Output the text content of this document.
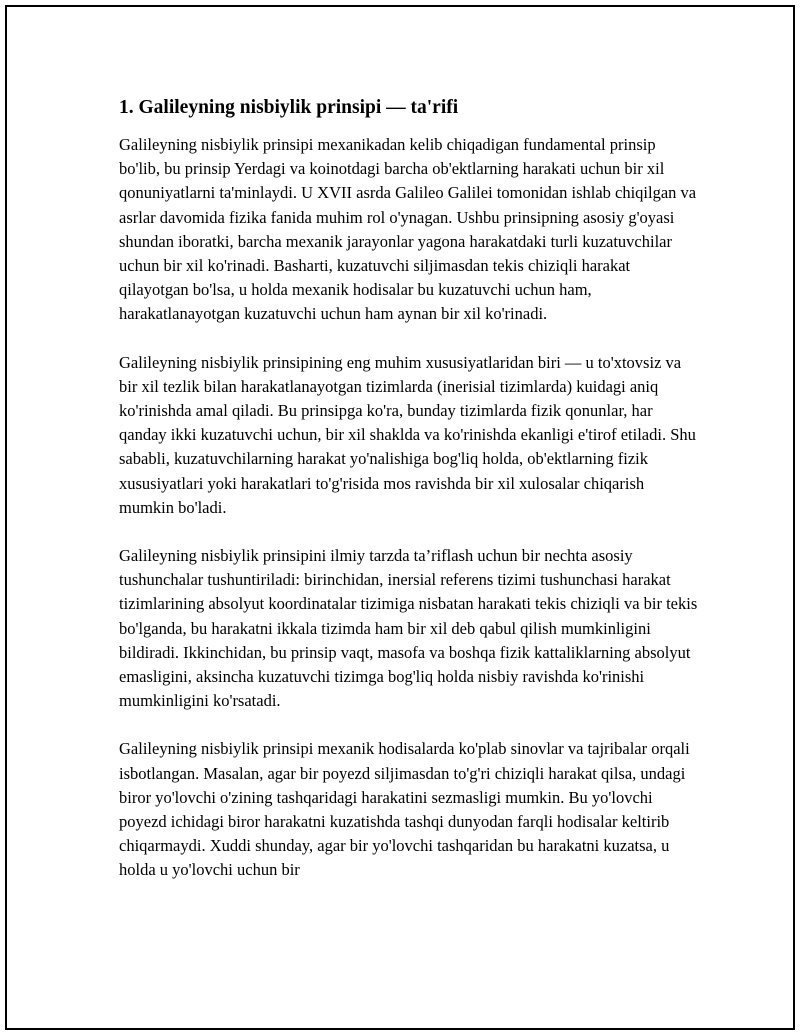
1. Galileyning nisbiylik prinsipi — ta'rifi

Galileyning nisbiylik prinsipi mexanikadan kelib chiqadigan fundamental prinsip bo'lib, bu prinsip Yerdagi va koinotdagi barcha ob'ektlarning harakati uchun bir xil qonuniyatlarni ta'minlaydi. U XVII asrda Galileo Galilei tomonidan ishlab chiqilgan va asrlar davomida fizika fanida muhim rol o'ynagan. Ushbu prinsipning asosiy g'oyasi shundan iboratki, barcha mexanik jarayonlar yagona harakatdaki turli kuzatuvchilar uchun bir xil ko'rinadi. Basharti, kuzatuvchi siljimasdan tekis chiziqli harakat qilayotgan bo'lsa, u holda mexanik hodisalar bu kuzatuvchi uchun ham, harakatlanayotgan kuzatuvchi uchun ham aynan bir xil ko'rinadi.

Galileyning nisbiylik prinsipining eng muhim xususiyatlaridan biri — u to'xtovsiz va bir xil tezlik bilan harakatlanayotgan tizimlarda (inerisial tizimlarda) kuidagi aniq ko'rinishda amal qiladi. Bu prinsipga ko'ra, bunday tizimlarda fizik qonunlar, har qanday ikki kuzatuvchi uchun, bir xil shaklda va ko'rinishda ekanligi e'tirof etiladi. Shu sababli, kuzatuvchilarning harakat yo'nalishiga bog'liq holda, ob'ektlarning fizik xususiyatlari yoki harakatlari to'g'risida mos ravishda bir xil xulosalar chiqarish mumkin bo'ladi.

Galileyning nisbiylik prinsipini ilmiy tarzda ta’riflash uchun bir nechta asosiy tushunchalar tushuntiriladi: birinchidan, inersial referens tizimi tushunchasi harakat tizimlarining absolyut koordinatalar tizimiga nisbatan harakati tekis chiziqli va bir tekis bo'lganda, bu harakatni ikkala tizimda ham bir xil deb qabul qilish mumkinligini bildiradi. Ikkinchidan, bu prinsip vaqt, masofa va boshqa fizik kattaliklarning absolyut emasligini, aksincha kuzatuvchi tizimga bog'liq holda nisbiy ravishda ko'rinishi mumkinligini ko'rsatadi.

Galileyning nisbiylik prinsipi mexanik hodisalarda ko'plab sinovlar va tajribalar orqali isbotlangan. Masalan, agar bir poyezd siljimasdan to'g'ri chiziqli harakat qilsa, undagi biror yo'lovchi o'zining tashqaridagi harakatini sezmasligi mumkin. Bu yo'lovchi poyezd ichidagi biror harakatni kuzatishda tashqi dunyodan farqli hodisalar keltirib chiqarmaydi. Xuddi shunday, agar bir yo'lovchi tashqaridan bu harakatni kuzatsa, u holda u yo'lovchi uchun bir
